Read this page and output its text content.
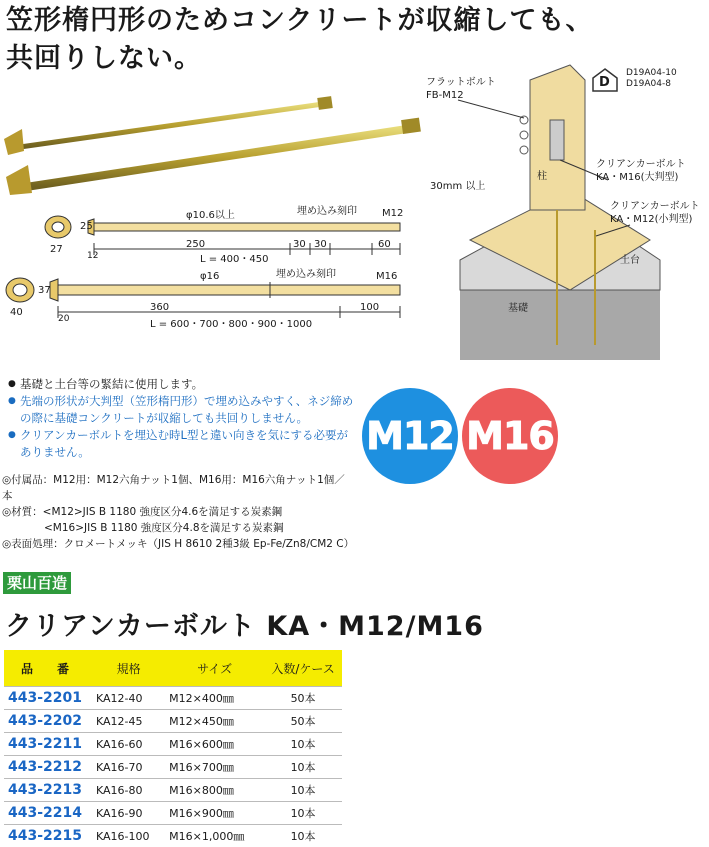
笠形楕円形のためコンクリートが収縮しても、
共回りしない。
25
27
12
φ10.6以上	埋め込み刻印	M12
250	30 30	60
L = 400・450
37
40
20
φ16	埋め込み刻印	M16
360	100
L = 600・700・800・900・1000
D
D19A04-10
D19A04-8
フラットボルト
FB-M12
柱
クリアンカーボルト
KA・M16(大判型)
30mm 以上
クリアンカーボルト
KA・M12(小判型)
土台
基礎
● 基礎と土台等の緊結に使用します。
● 先端の形状が大判型（笠形楕円形）で埋め込みやすく、ネジ締めの際に基礎コンクリートが収縮しても共回りしません。
● クリアンカーボルトを埋込む時L型と違い向きを気にする必要がありません。
◎付属品：M12用：M12六角ナット1個、M16用：M16六角ナット1個／本
◎材質：<M12>JIS B 1180 強度区分4.6を満足する炭素鋼
　　　　<M16>JIS B 1180 強度区分4.8を満足する炭素鋼
◎表面処理：クロメートメッキ（JIS H 8610 2種3級 Ep-Fe/Zn8/CM2 C）
M12 M16
栗山百造
クリアンカーボルト KA・M12/M16
品　番	規格	サイズ	入数/ケース
443-2201	KA12-40	M12×400㎜	50本
443-2202	KA12-45	M12×450㎜	50本
443-2211	KA16-60	M16×600㎜	10本
443-2212	KA16-70	M16×700㎜	10本
443-2213	KA16-80	M16×800㎜	10本
443-2214	KA16-90	M16×900㎜	10本
443-2215	KA16-100	M16×1,000㎜	10本
